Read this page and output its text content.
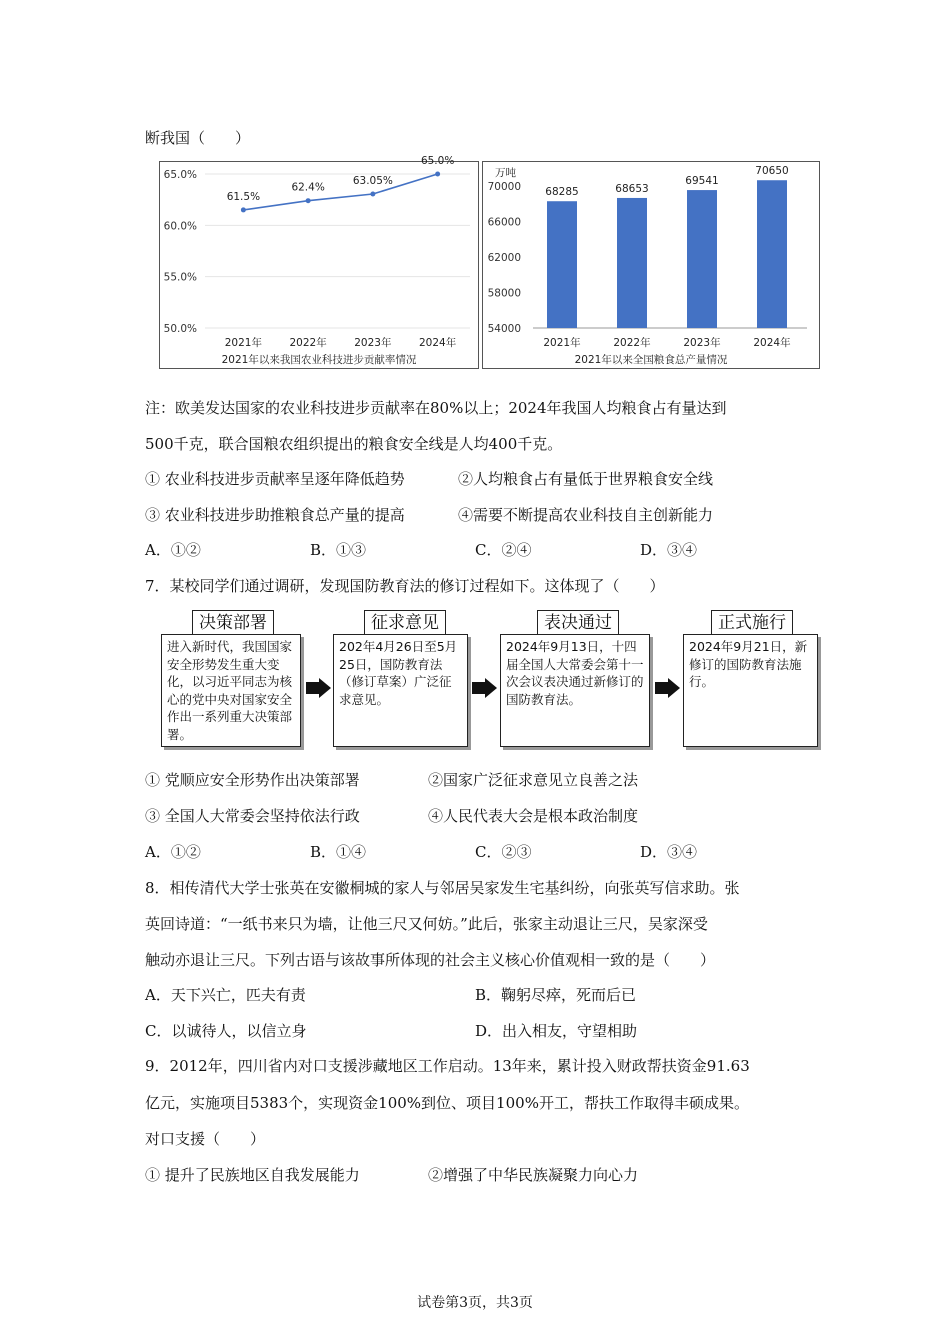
断我国（　　）
65.0%
60.0%
55.0%
50.0%
61.5%
2021年
62.4%
2022年
63.05%
2023年
65.0%
2024年
2021年以来我国农业科技进步贡献率情况
万吨
70000
66000
62000
58000
54000
68285
2021年
68653
2022年
69541
2023年
70650
2024年
2021年以来全国粮食总产量情况
注：欧美发达国家的农业科技进步贡献率在80%以上；2024年我国人均粮食占有量达到
500千克，联合国粮农组织提出的粮食安全线是人均400千克。
① 农业科技进步贡献率呈逐年降低趋势	②人均粮食占有量低于世界粮食安全线
③ 农业科技进步助推粮食总产量的提高	④需要不断提高农业科技自主创新能力
A．①②	B．①③	C．②④	D．③④
7．某校同学们通过调研，发现国防教育法的修订过程如下。这体现了（　　）
决策部署
进入新时代，我国国家安全形势发生重大变化，以习近平同志为核心的党中央对国家安全作出一系列重大决策部署。
征求意见
202年4月26日至5月25日，国防教育法（修订草案）广泛征求意见。
表决通过
2024年9月13日，十四届全国人大常委会第十一次会议表决通过新修订的国防教育法。
正式施行
2024年9月21日，新修订的国防教育法施行。
① 党顺应安全形势作出决策部署	②国家广泛征求意见立良善之法
③ 全国人大常委会坚持依法行政	④人民代表大会是根本政治制度
A．①②	B．①④	C．②③	D．③④
8．相传清代大学士张英在安徽桐城的家人与邻居吴家发生宅基纠纷，向张英写信求助。张
英回诗道：“一纸书来只为墙，让他三尺又何妨。”此后，张家主动退让三尺，吴家深受
触动亦退让三尺。下列古语与该故事所体现的社会主义核心价值观相一致的是（　　）
A．天下兴亡，匹夫有责	B．鞠躬尽瘁，死而后已
C．以诚待人，以信立身	D．出入相友，守望相助
9．2012年，四川省内对口支援涉藏地区工作启动。13年来，累计投入财政帮扶资金91.63
亿元，实施项目5383个，实现资金100%到位、项目100%开工，帮扶工作取得丰硕成果。
对口支援（　　）
① 提升了民族地区自我发展能力	②增强了中华民族凝聚力向心力
试卷第3页，共3页
